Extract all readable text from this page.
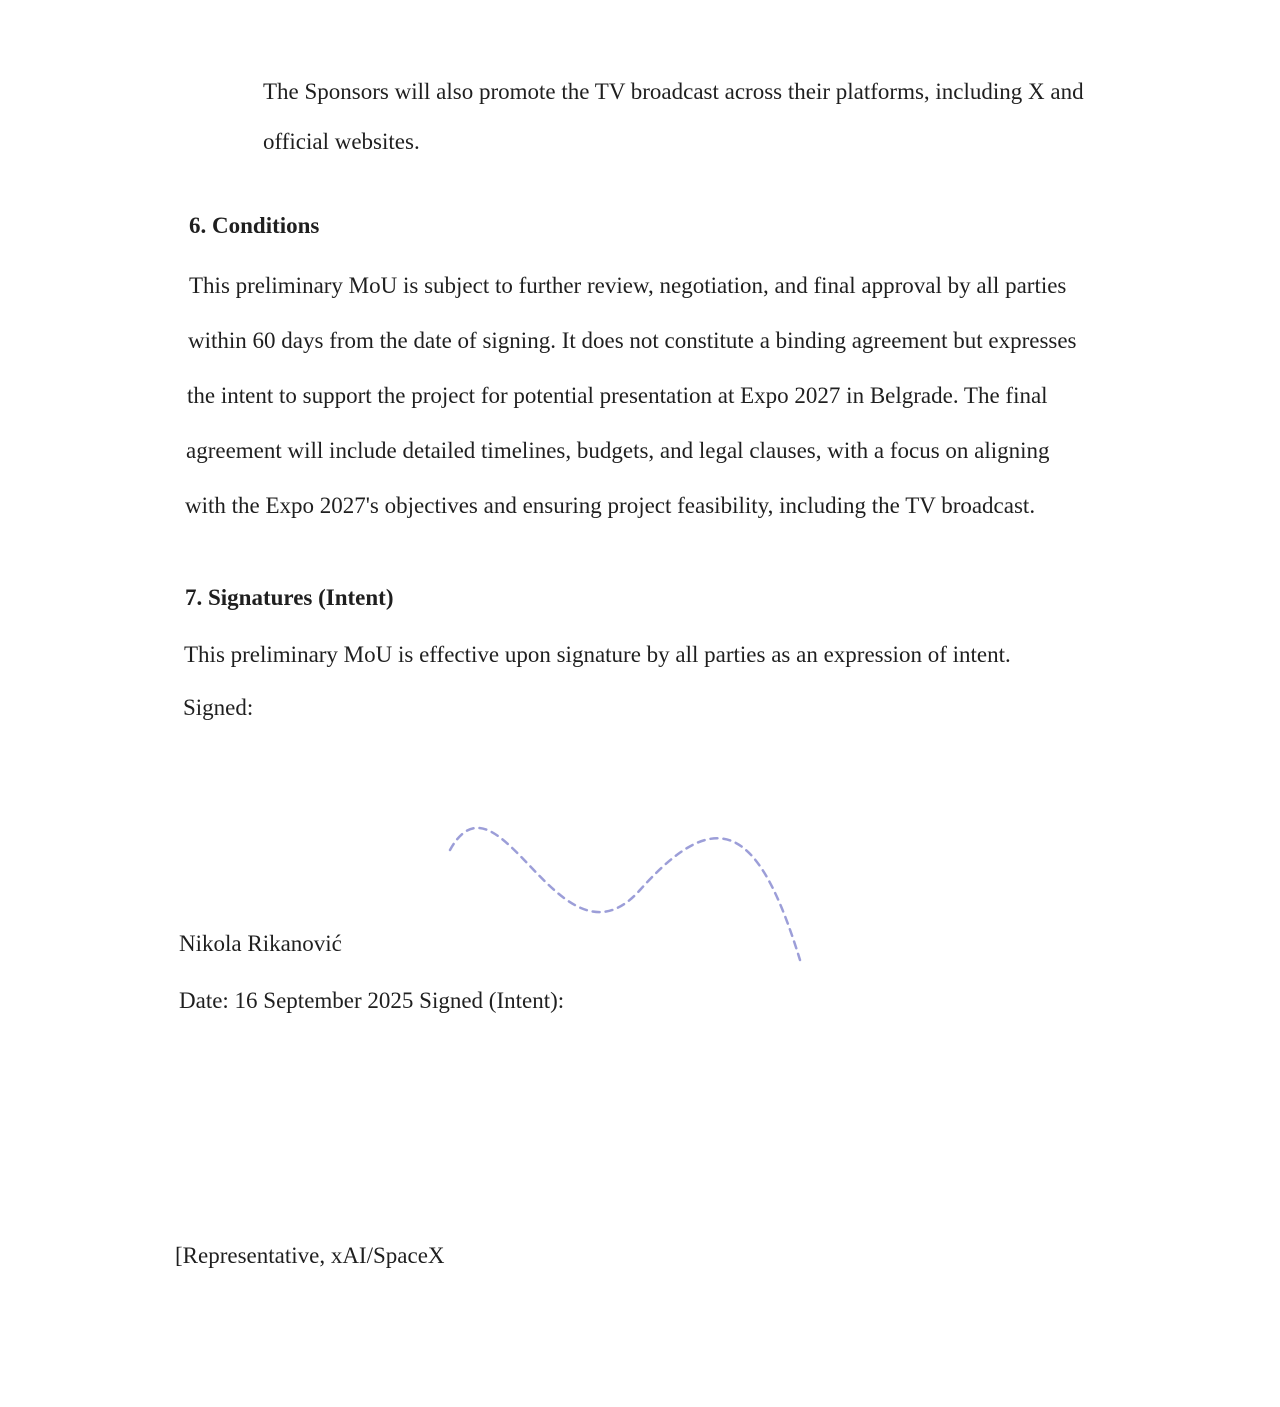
The Sponsors will also promote the TV broadcast across their platforms, including X and

official websites.

6. Conditions

This preliminary MoU is subject to further review, negotiation, and final approval by all parties

within 60 days from the date of signing. It does not constitute a binding agreement but expresses

the intent to support the project for potential presentation at Expo 2027 in Belgrade. The final

agreement will include detailed timelines, budgets, and legal clauses, with a focus on aligning

with the Expo 2027's objectives and ensuring project feasibility, including the TV broadcast.

7. Signatures (Intent)

This preliminary MoU is effective upon signature by all parties as an expression of intent.

Signed:

Nikola Rikanović

Date: 16 September 2025 Signed (Intent):

[Representative, xAI/SpaceX
